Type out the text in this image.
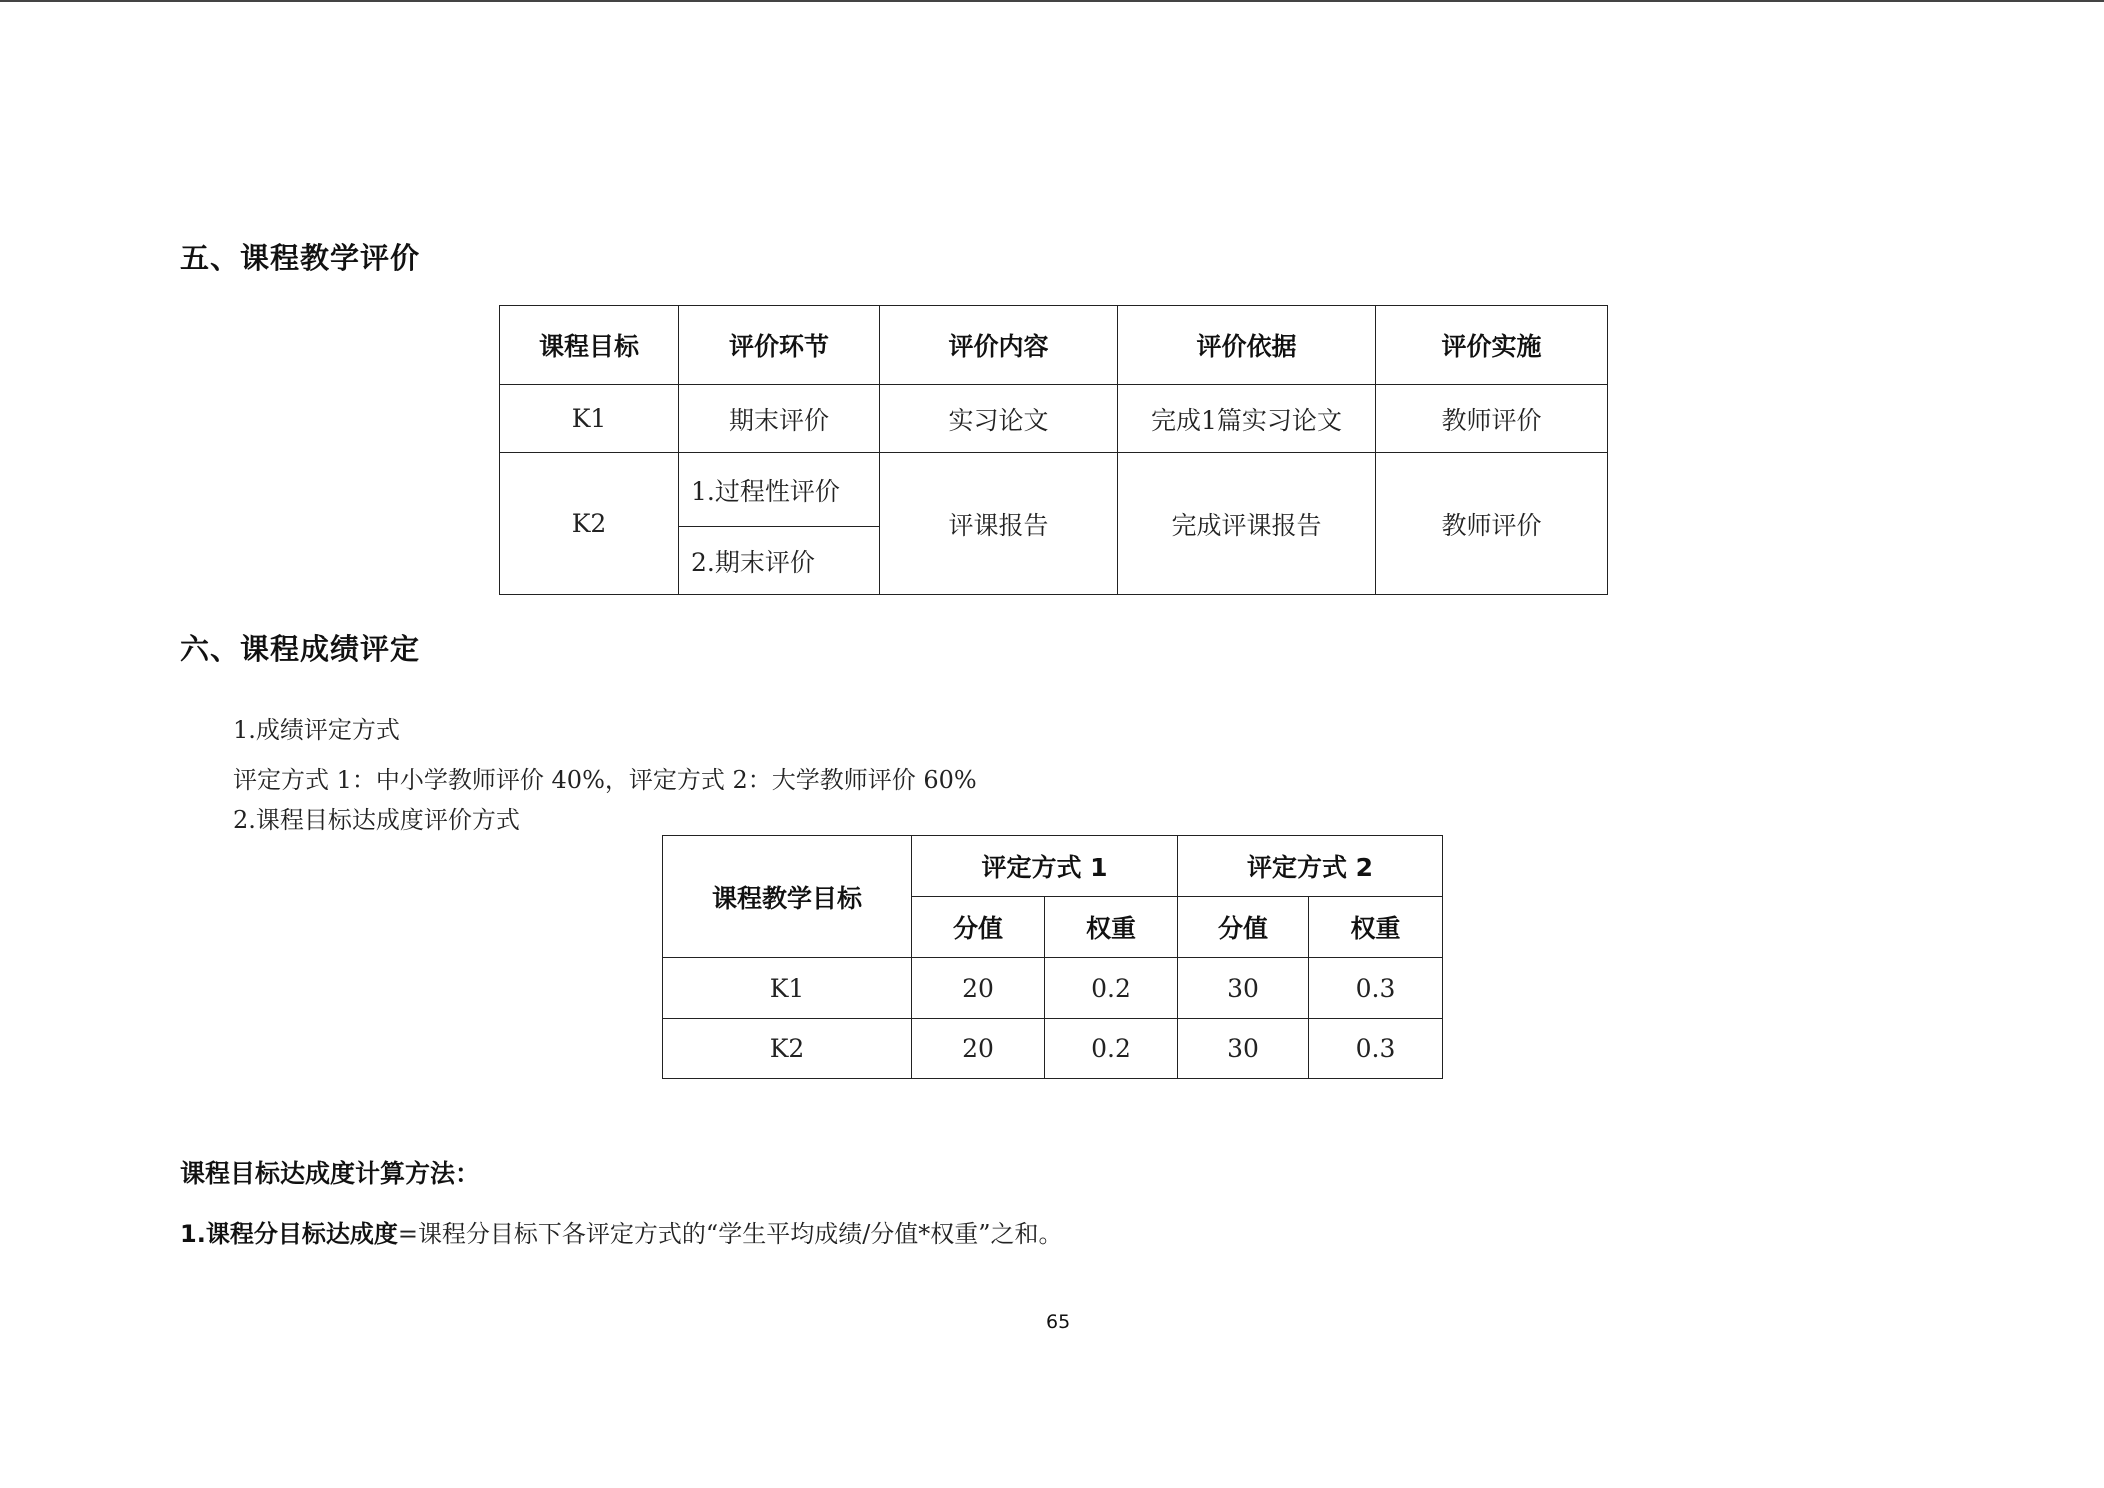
五、课程教学评价
课程目标	评价环节	评价内容	评价依据	评价实施
K1	期末评价	实习论文	完成1篇实习论文	教师评价
K2	1.过程性评价	评课报告	完成评课报告	教师评价
	2.期末评价			
六、课程成绩评定
1.成绩评定方式
评定方式 1：中小学教师评价 40%，评定方式 2：大学教师评价 60%
2.课程目标达成度评价方式
课程教学目标	评定方式 1		评定方式 2	
	分值	权重	分值	权重
K1	20	0.2	30	0.3
K2	20	0.2	30	0.3
课程目标达成度计算方法：
1.课程分目标达成度=课程分目标下各评定方式的“学生平均成绩/分值*权重”之和。
65
